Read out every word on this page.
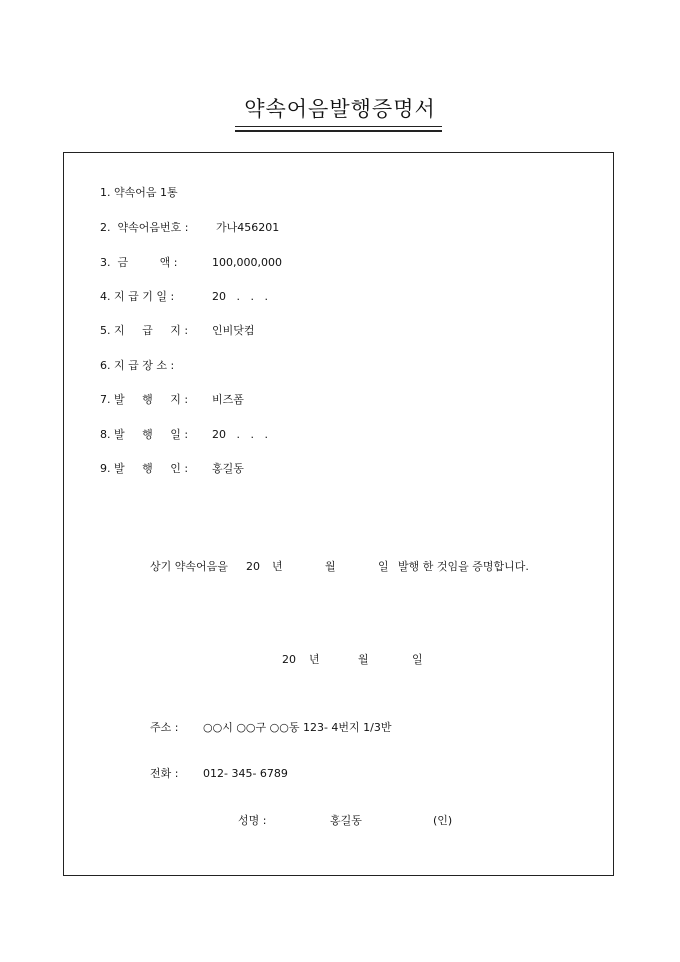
약속어음발행증명서

1. 약속어음 1통

2.  약속어음번호 :

	가나456201

3.  금         액 :

	100,000,000

4. 지 급 기 일 :

	20   .   .   .

5. 지     급     지 :

인비닷컴

6. 지 급 장 소 :

7. 발     행     지 :

비즈폼

8. 발     행     일 :

20   .   .   .

9. 발     행     인 :

홍길동

상기 약속어음을 20 년	월	일 발행 한 것임을 증명합니다.
20 년	월	일
주소 : ○○시 ○○구 ○○동 123- 4번지 1/3반
전화 : 012- 345- 6789
성명 :	홍길동	(인)
